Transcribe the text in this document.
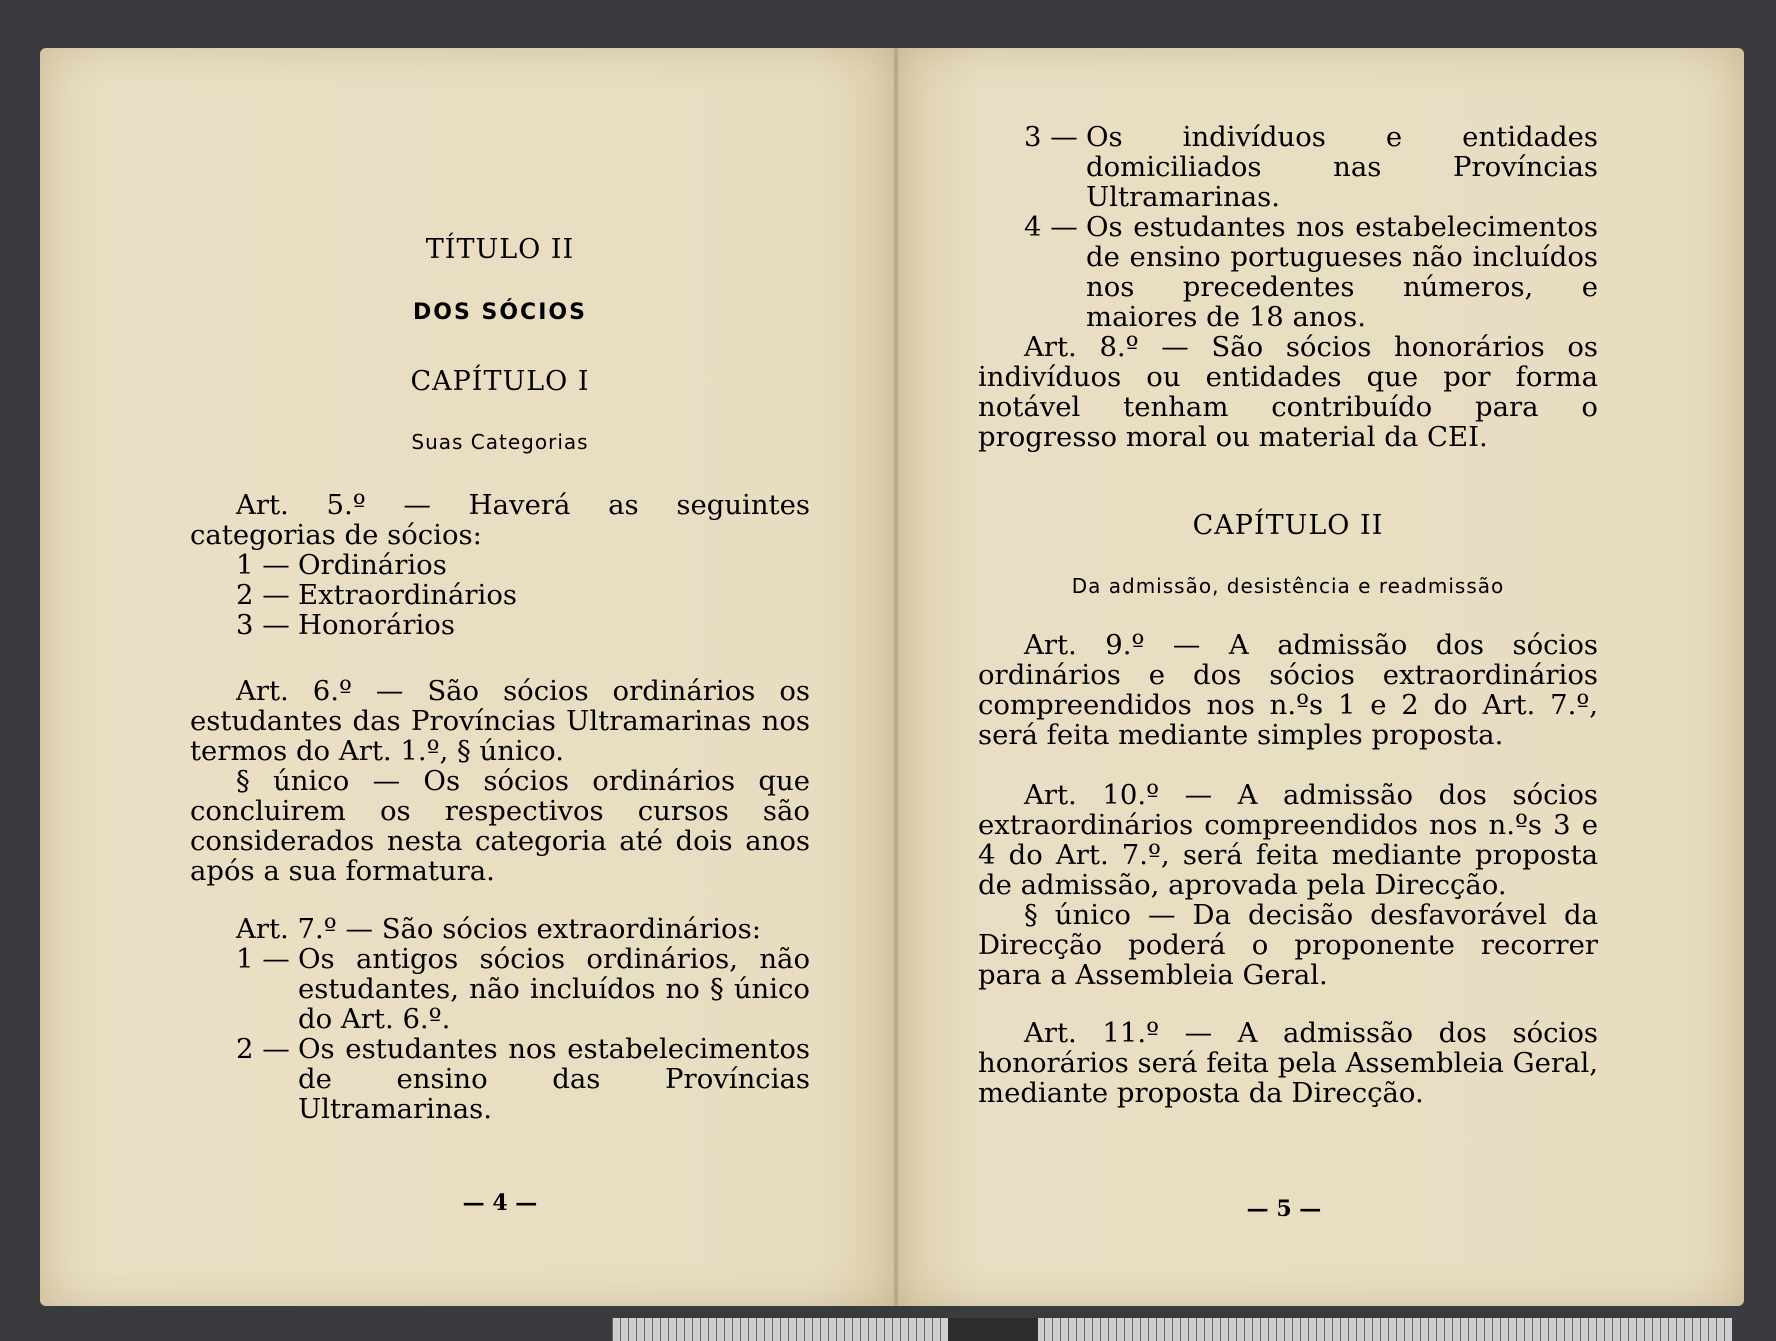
TÍTULO II
DOS SÓCIOS
CAPÍTULO I
Suas Categorias

Art. 5.º — Haverá as seguintes categorias de sócios:

1 — Ordinários
2 — Extraordinários
3 — Honorários

Art. 6.º — São sócios ordinários os estudantes das Províncias Ultramarinas nos termos do Art. 1.º, § único.

§ único — Os sócios ordinários que concluirem os respectivos cursos são considerados nesta categoria até dois anos após a sua formatura.

Art. 7.º — São sócios extraordinários:

1 — Os antigos sócios ordinários, não estudantes, não incluídos no § único do Art. 6.º.
2 — Os estudantes nos estabelecimentos de ensino das Províncias Ultramarinas.
— 4 —
3 — Os indivíduos e entidades domiciliados nas Províncias Ultramarinas.
4 — Os estudantes nos estabelecimentos de ensino portugueses não incluídos nos precedentes números, e maiores de 18 anos.

Art. 8.º — São sócios honorários os indivíduos ou entidades que por forma notável tenham contribuído para o progresso moral ou material da CEI.

CAPÍTULO II
Da admissão, desistência e readmissão

Art. 9.º — A admissão dos sócios ordinários e dos sócios extraordinários compreendidos nos n.ºs 1 e 2 do Art. 7.º, será feita mediante simples proposta.

Art. 10.º — A admissão dos sócios extraordinários compreendidos nos n.ºs 3 e 4 do Art. 7.º, será feita mediante proposta de admissão, aprovada pela Direcção.

§ único — Da decisão desfavorável da Direcção poderá o proponente recorrer para a Assembleia Geral.

Art. 11.º — A admissão dos sócios honorários será feita pela Assembleia Geral, mediante proposta da Direcção.

— 5 —
